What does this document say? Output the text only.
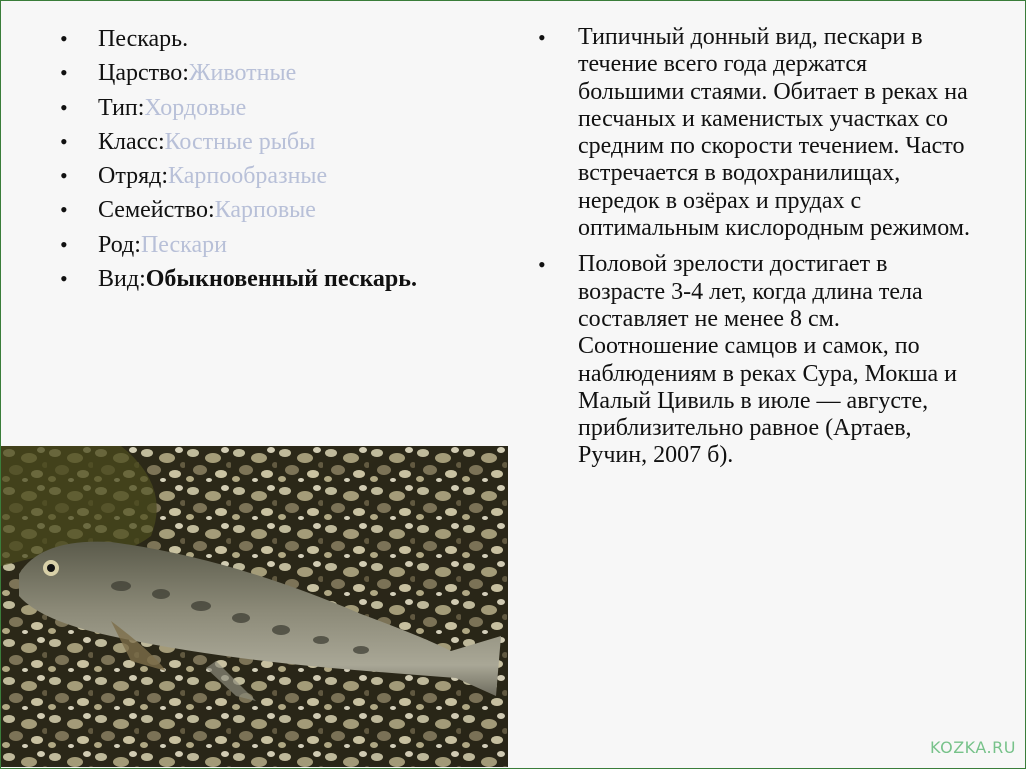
• Пескарь.
• Царство:Животные
• Тип:Хордовые
• Класс:Костные рыбы
• Отряд:Карпообразные
• Семейство:Карповые
• Род:Пескари
• Вид:Обыкновенный пескарь.
• Типичный донный вид, пескари в течение всего года держатся большими стаями. Обитает в реках на песчаных и каменистых участках со средним по скорости течением. Часто встречается в водохранилищах, нередок в озёрах и прудах с оптимальным кислородным режимом.
• Половой зрелости достигает в возрасте 3-4 лет, когда длина тела составляет не менее 8 см. Соотношение самцов и самок, по наблюдениям в реках Сура, Мокша и Малый Цивиль в июле — августе, приблизительно равное (Артаев, Ручин, 2007 б).
KOZKA.RU
